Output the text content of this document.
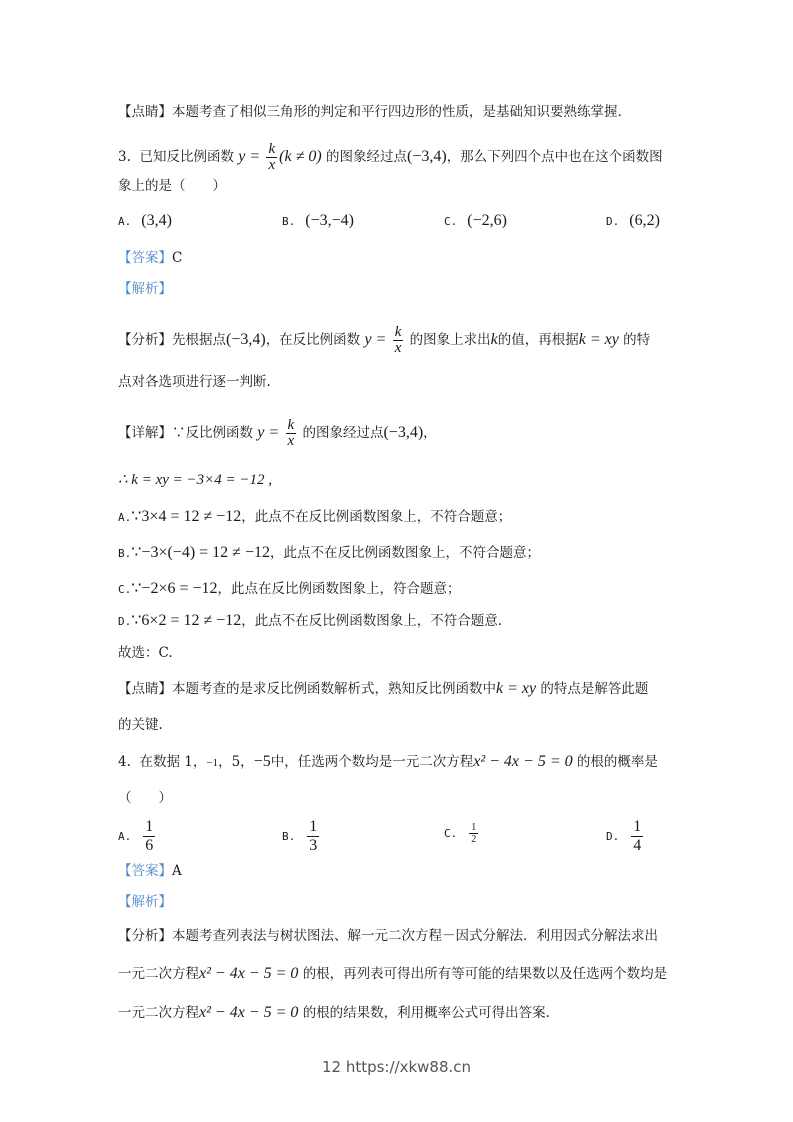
【点睛】本题考查了相似三角形的判定和平行四边形的性质，是基础知识要熟练掌握.
3. 已知反比例函数 $y = \frac{k}{x} (k \ne 0)$ 的图象经过点(−3,4)，那么下列四个点中也在这个函数图
象上的是（　　）
A. (3,4)	B. (−3,−4)	C. (−2,6)	D. (6,2)
【答案】C
【解析】
【分析】先根据点(−3,4)，在反比例函数 $y = \frac{k}{x}$ 的图象上求出k的值，再根据k = xy 的特
点对各选项进行逐一判断.
【详解】∵反比例函数 $y = \frac{k}{x}$ 的图象经过点(−3,4)，
∴ k = xy = −3×4 = −12 ,
A.∵3×4 = 12 ≠ −12，此点不在反比例函数图象上，不符合题意；
B.∵−3×(−4) = 12 ≠ −12，此点不在反比例函数图象上，不符合题意；
C.∵−2×6 = −12，此点在反比例函数图象上，符合题意；
D.∵6×2 = 12 ≠ −12，此点不在反比例函数图象上，不符合题意.
故选：C.
【点睛】本题考查的是求反比例函数解析式，熟知反比例函数中k = xy 的特点是解答此题
的关键.
4. 在数据 1，−1，5，−5中，任选两个数均是一元二次方程x² − 4x − 5 = 0 的根的概率是
（　　）
A. $\frac{1}{6}$	B. $\frac{1}{3}$	C. $\frac{1}{2}$	D. $\frac{1}{4}$
【答案】A
【解析】
【分析】本题考查列表法与树状图法、解一元二次方程－因式分解法．利用因式分解法求出
一元二次方程x² − 4x − 5 = 0 的根，再列表可得出所有等可能的结果数以及任选两个数均是
一元二次方程x² − 4x − 5 = 0 的根的结果数，利用概率公式可得出答案.
12 https://xkw88.cn
